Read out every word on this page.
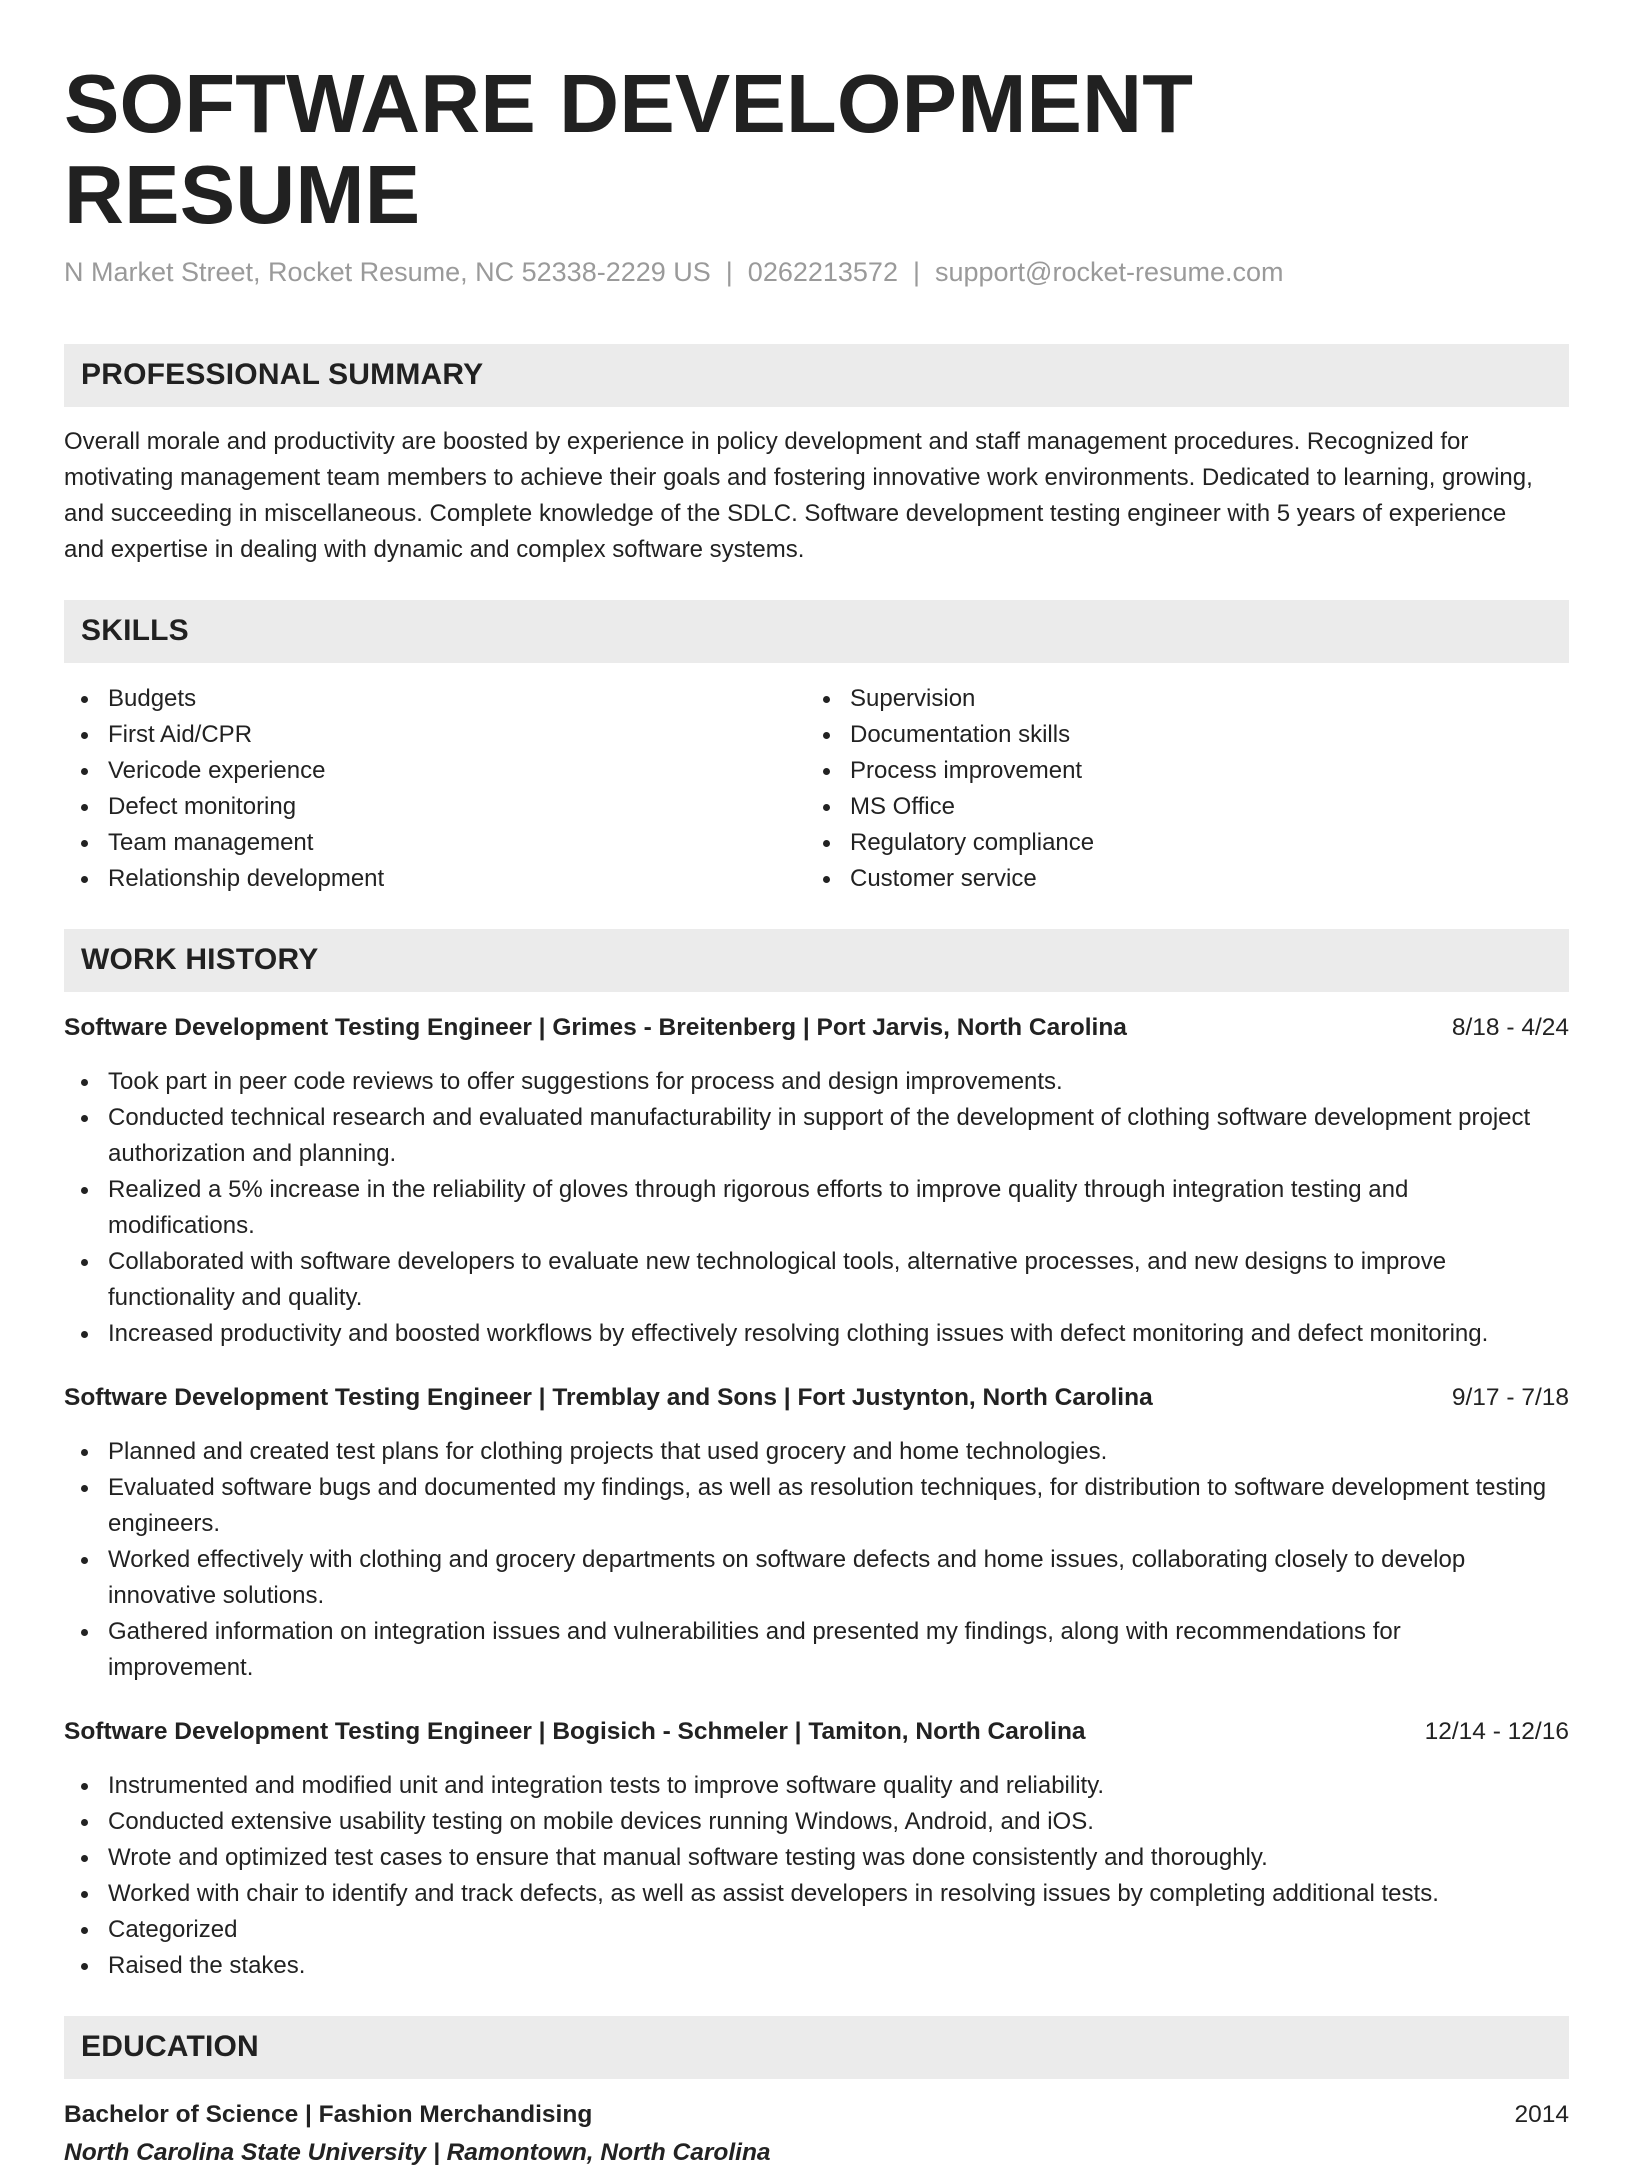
SOFTWARE DEVELOPMENT RESUME
N Market Street, Rocket Resume, NC 52338-2229 US | 0262213572 | support@rocket-resume.com
PROFESSIONAL SUMMARY

Overall morale and productivity are boosted by experience in policy development and staff management procedures. Recognized for motivating management team members to achieve their goals and fostering innovative work environments. Dedicated to learning, growing, and succeeding in miscellaneous. Complete knowledge of the SDLC. Software development testing engineer with 5 years of experience and expertise in dealing with dynamic and complex software systems.

SKILLS
Budgets
First Aid/CPR
Vericode experience
Defect monitoring
Team management
Relationship development
Supervision
Documentation skills
Process improvement
MS Office
Regulatory compliance
Customer service
WORK HISTORY
Software Development Testing Engineer | Grimes - Breitenberg | Port Jarvis, North Carolina	8/18 - 4/24
Took part in peer code reviews to offer suggestions for process and design improvements.
Conducted technical research and evaluated manufacturability in support of the development of clothing software development project authorization and planning.
Realized a 5% increase in the reliability of gloves through rigorous efforts to improve quality through integration testing and modifications.
Collaborated with software developers to evaluate new technological tools, alternative processes, and new designs to improve functionality and quality.
Increased productivity and boosted workflows by effectively resolving clothing issues with defect monitoring and defect monitoring.
Software Development Testing Engineer | Tremblay and Sons | Fort Justynton, North Carolina	9/17 - 7/18
Planned and created test plans for clothing projects that used grocery and home technologies.
Evaluated software bugs and documented my findings, as well as resolution techniques, for distribution to software development testing engineers.
Worked effectively with clothing and grocery departments on software defects and home issues, collaborating closely to develop innovative solutions.
Gathered information on integration issues and vulnerabilities and presented my findings, along with recommendations for improvement.
Software Development Testing Engineer | Bogisich - Schmeler | Tamiton, North Carolina	12/14 - 12/16
Instrumented and modified unit and integration tests to improve software quality and reliability.
Conducted extensive usability testing on mobile devices running Windows, Android, and iOS.
Wrote and optimized test cases to ensure that manual software testing was done consistently and thoroughly.
Worked with chair to identify and track defects, as well as assist developers in resolving issues by completing additional tests.
Categorized
Raised the stakes.
EDUCATION
Bachelor of Science | Fashion Merchandising	2014
North Carolina State University | Ramontown, North Carolina
